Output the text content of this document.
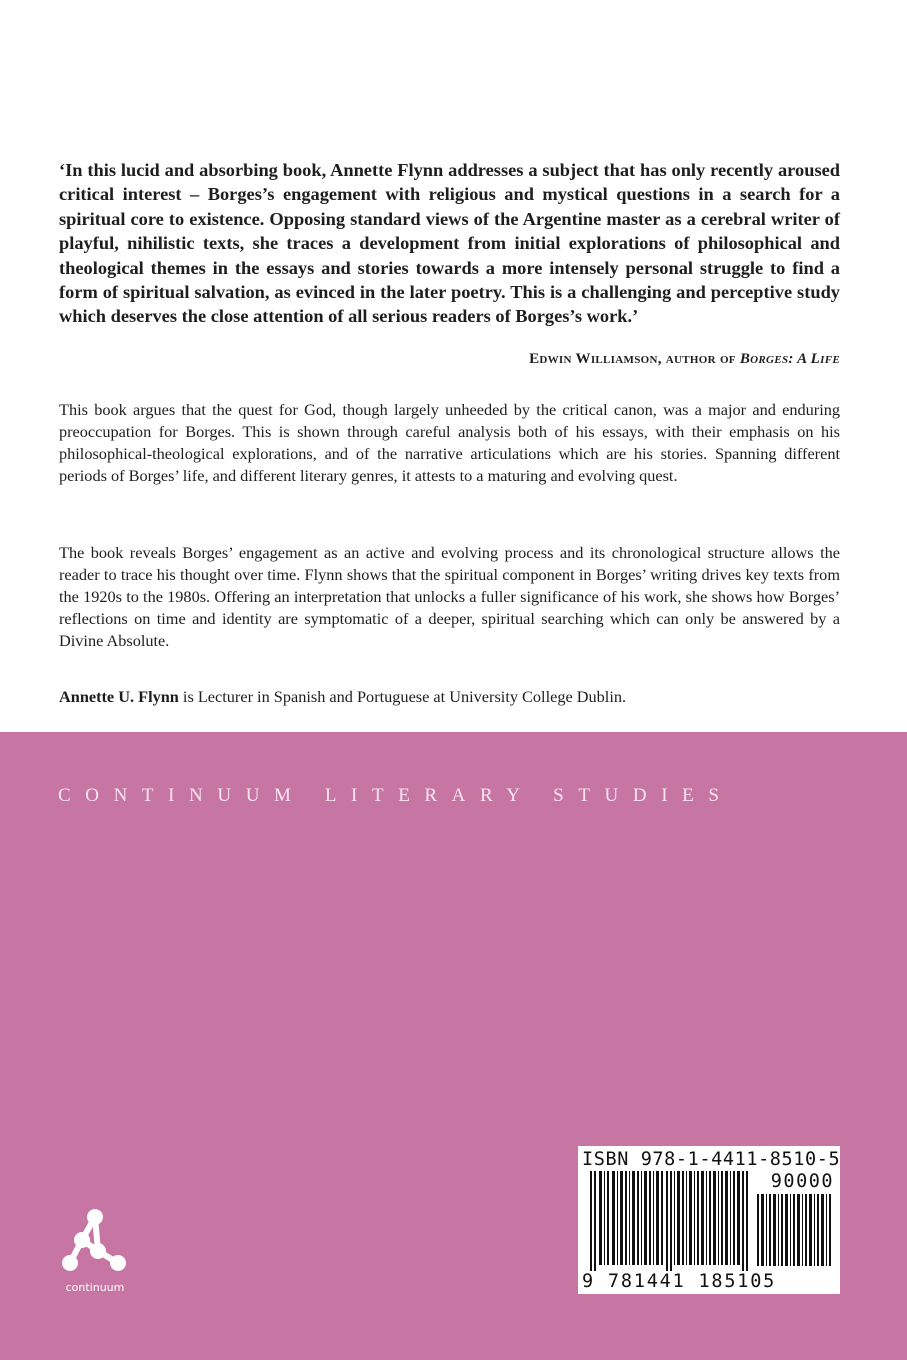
‘In this lucid and absorbing book, Annette Flynn addresses a subject that has only recently aroused critical interest – Borges’s engagement with religious and mystical questions in a search for a spiritual core to existence. Opposing standard views of the Argentine master as a cerebral writer of playful, nihilistic texts, she traces a development from initial explorations of philosophical and theological themes in the essays and stories towards a more intensely personal struggle to find a form of spiritual salvation, as evinced in the later poetry. This is a challenging and perceptive study which deserves the close attention of all serious readers of Borges’s work.’

Edwin Williamson, author of Borges: A Life

This book argues that the quest for God, though largely unheeded by the critical canon, was a major and enduring preoccupation for Borges. This is shown through careful analysis both of his essays, with their emphasis on his philosophical-theological explorations, and of the narrative articulations which are his stories. Spanning different periods of Borges’ life, and different literary genres, it attests to a maturing and evolving quest.

The book reveals Borges’ engagement as an active and evolving process and its chronological structure allows the reader to trace his thought over time. Flynn shows that the spiritual component in Borges’ writing drives key texts from the 1920s to the 1980s. Offering an interpretation that unlocks a fuller significance of his work, she shows how Borges’ reflections on time and identity are symptomatic of a deeper, spiritual searching which can only be answered by a Divine Absolute.

Annette U. Flynn is Lecturer in Spanish and Portuguese at University College Dublin.

CONTINUUM LITERARY STUDIES

continuum
ISBN 978-1-4411-8510-5
90000
9 781441 185105
